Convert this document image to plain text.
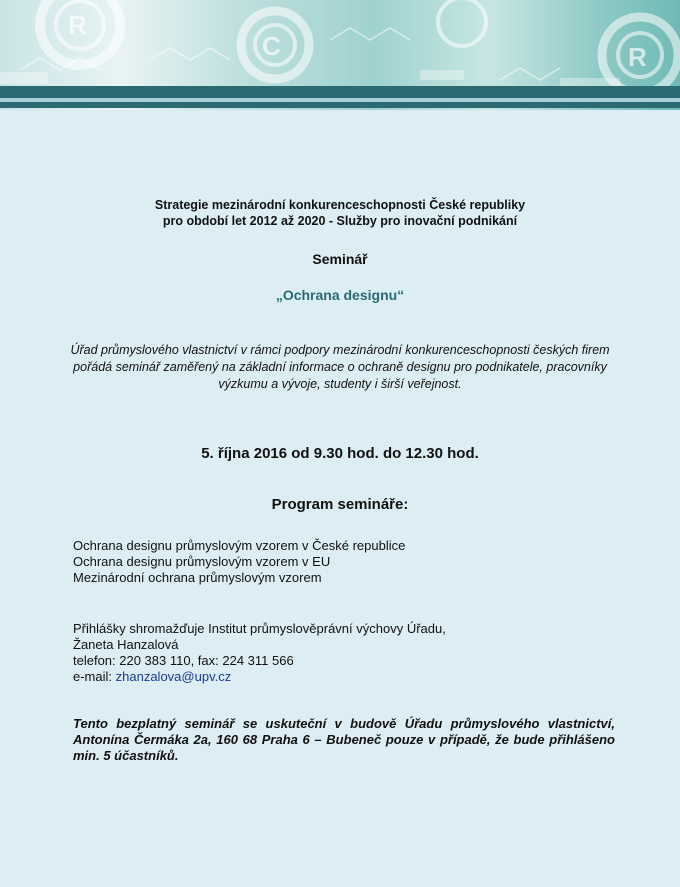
R
C	R
Strategie mezinárodní konkurenceschopnosti České republiky
pro období let 2012 až 2020 - Služby pro inovační podnikání
Seminář
„Ochrana designu“
Úřad průmyslového vlastnictví v rámci podpory mezinárodní konkurenceschopnosti českých firem pořádá seminář zaměřený na základní informace o ochraně designu pro podnikatele, pracovníky výzkumu a vývoje, studenty i širší veřejnost.
5. října 2016 od 9.30 hod. do 12.30 hod.
Program semináře:
Ochrana designu průmyslovým vzorem v České republice
Ochrana designu průmyslovým vzorem v EU
Mezinárodní ochrana průmyslovým vzorem
Přihlášky shromažďuje Institut průmyslověprávní výchovy Úřadu,
Žaneta Hanzalová
telefon: 220 383 110, fax: 224 311 566
e-mail: zhanzalova@upv.cz
Tento bezplatný seminář se uskuteční v budově Úřadu průmyslového vlastnictví, Antonína Čermáka 2a, 160 68 Praha 6 – Bubeneč pouze v případě, že bude přihlášeno min. 5 účastníků.
